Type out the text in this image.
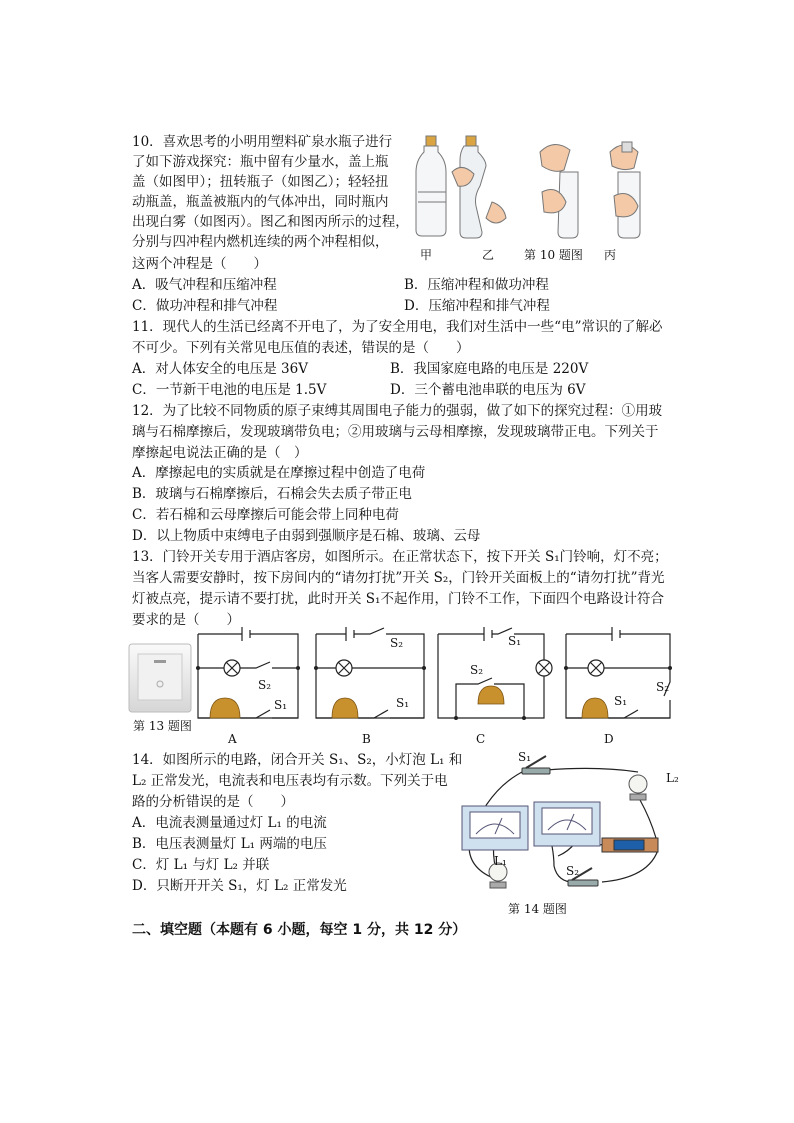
10．喜欢思考的小明用塑料矿泉水瓶子进行
了如下游戏探究：瓶中留有少量水，盖上瓶
盖（如图甲）；扭转瓶子（如图乙）；轻轻扭
动瓶盖，瓶盖被瓶内的气体冲出，同时瓶内
出现白雾（如图丙）。图乙和图丙所示的过程，
分别与四冲程内燃机连续的两个冲程相似，
这两个冲程是（　　）
甲	乙 第 10 题图 丙
A．吸气冲程和压缩冲程	B．压缩冲程和做功冲程
C．做功冲程和排气冲程	D．压缩冲程和排气冲程
11．现代人的生活已经离不开电了，为了安全用电，我们对生活中一些“电”常识的了解必
不可少。下列有关常见电压值的表述，错误的是（　　）
A．对人体安全的电压是 36V	B．我国家庭电路的电压是 220V
C．一节新干电池的电压是 1.5V	D．三个蓄电池串联的电压为 6V
12．为了比较不同物质的原子束缚其周围电子能力的强弱，做了如下的探究过程：①用玻
璃与石棉摩擦后，发现玻璃带负电；②用玻璃与云母相摩擦，发现玻璃带正电。下列关于
摩擦起电说法正确的是（　）
A．摩擦起电的实质就是在摩擦过程中创造了电荷
B．玻璃与石棉摩擦后，石棉会失去质子带正电
C．若石棉和云母摩擦后可能会带上同种电荷
D．以上物质中束缚电子由弱到强顺序是石棉、玻璃、云母
13．门铃开关专用于酒店客房，如图所示。在正常状态下，按下开关 S₁门铃响，灯不亮；
当客人需要安静时，按下房间内的“请勿打扰”开关 S₂，门铃开关面板上的“请勿打扰”背光
灯被点亮，提示请不要打扰，此时开关 S₁不起作用，门铃不工作，下面四个电路设计符合
要求的是（　　）
第 13 题图
S₂
S₁
S₂
S₁
S₁
S₂
S₁
S₂
A	B	C	D
14．如图所示的电路，闭合开关 S₁、S₂，小灯泡 L₁ 和
L₂ 正常发光，电流表和电压表均有示数。下列关于电
路的分析错误的是（　　）
A．电流表测量通过灯 L₁ 的电流
B．电压表测量灯 L₁ 两端的电压
C．灯 L₁ 与灯 L₂ 并联
D．只断开开关 S₁，灯 L₂ 正常发光
S₁
L₂
L₁
S₂
第 14 题图
二、填空题（本题有 6 小题，每空 1 分，共 12 分）
